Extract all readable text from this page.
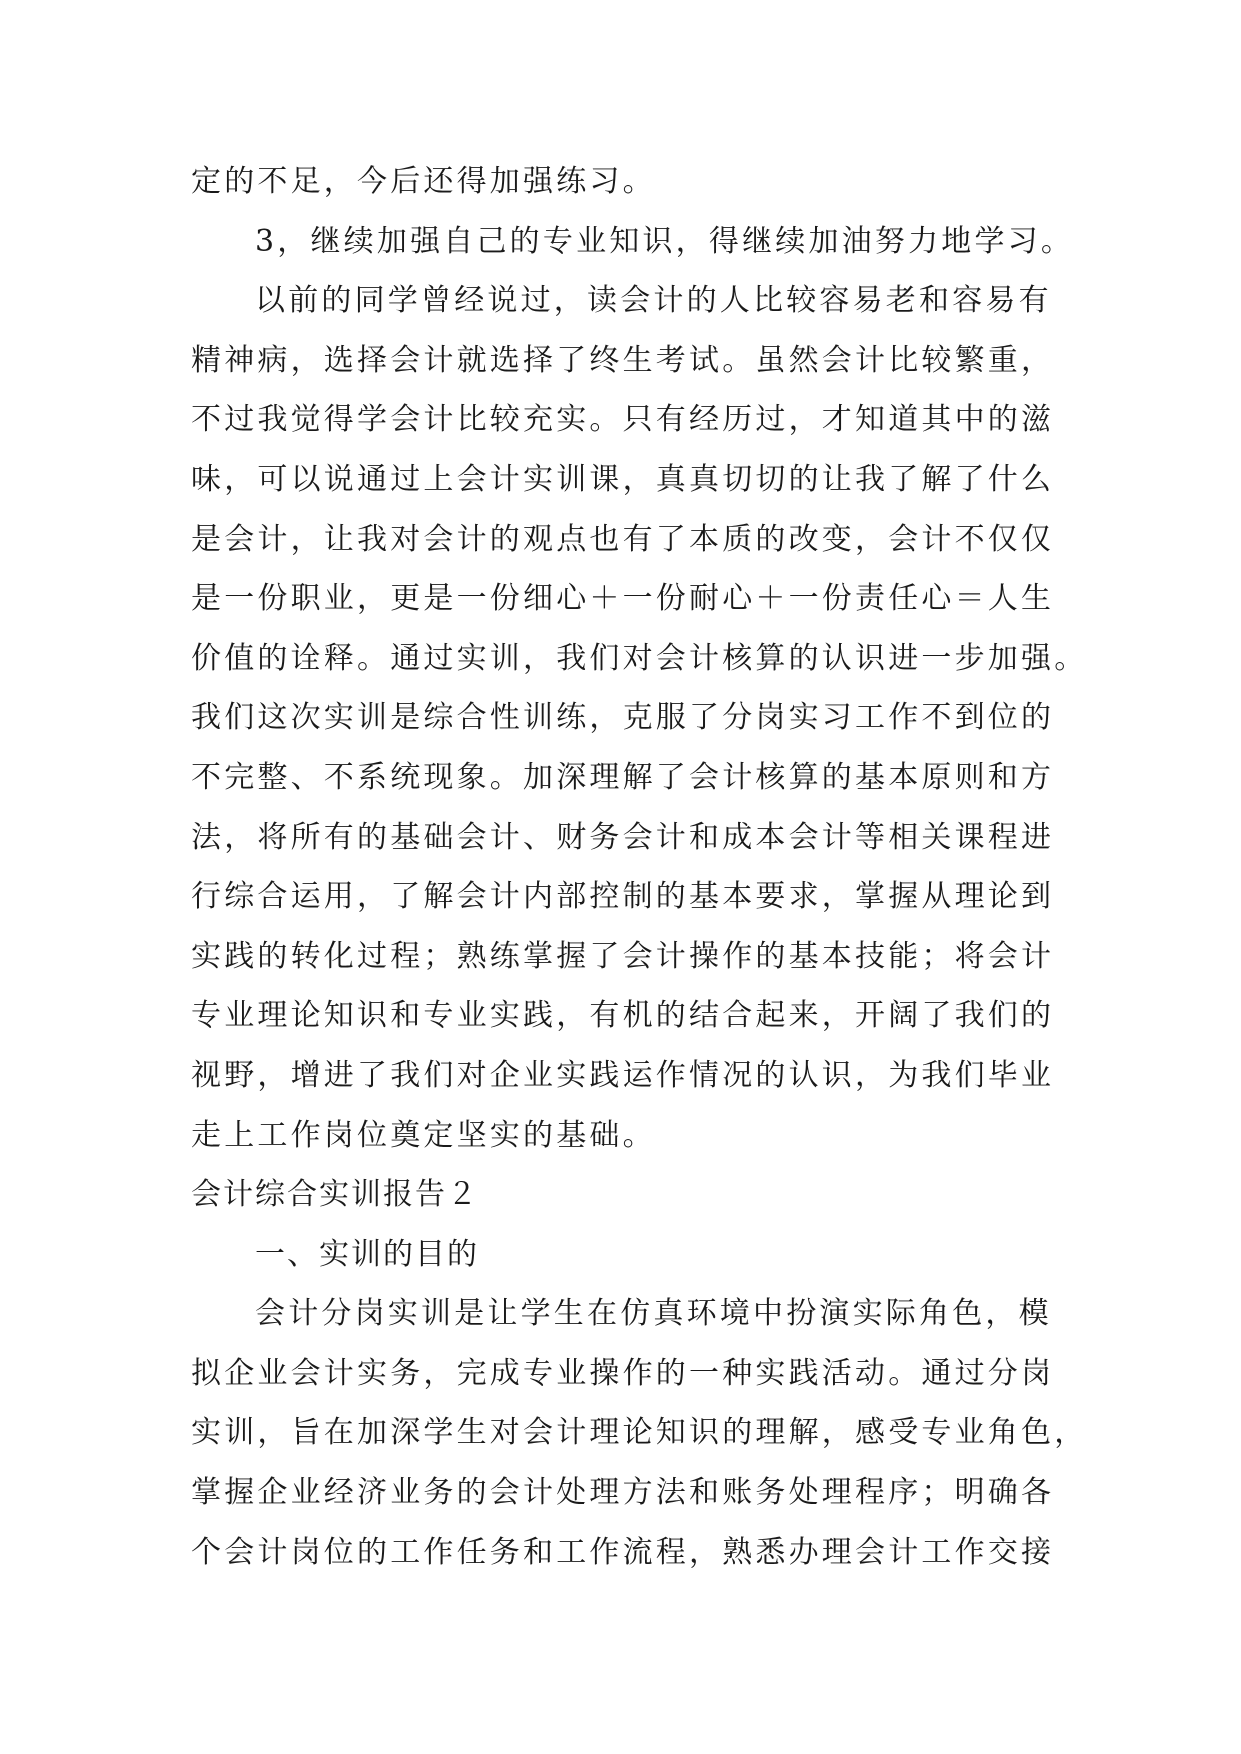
定的不足，今后还得加强练习。
3，继续加强自己的专业知识，得继续加油努力地学习。
以前的同学曾经说过，读会计的人比较容易老和容易有
精神病，选择会计就选择了终生考试。虽然会计比较繁重，
不过我觉得学会计比较充实。只有经历过，才知道其中的滋
味，可以说通过上会计实训课，真真切切的让我了解了什么
是会计，让我对会计的观点也有了本质的改变，会计不仅仅
是一份职业，更是一份细心＋一份耐心＋一份责任心＝人生
价值的诠释。通过实训，我们对会计核算的认识进一步加强。
我们这次实训是综合性训练，克服了分岗实习工作不到位的
不完整、不系统现象。加深理解了会计核算的基本原则和方
法，将所有的基础会计、财务会计和成本会计等相关课程进
行综合运用，了解会计内部控制的基本要求，掌握从理论到
实践的转化过程；熟练掌握了会计操作的基本技能；将会计
专业理论知识和专业实践，有机的结合起来，开阔了我们的
视野，增进了我们对企业实践运作情况的认识，为我们毕业
走上工作岗位奠定坚实的基础。
会计综合实训报告２
一、实训的目的
会计分岗实训是让学生在仿真环境中扮演实际角色，模
拟企业会计实务，完成专业操作的一种实践活动。通过分岗
实训，旨在加深学生对会计理论知识的理解，感受专业角色，
掌握企业经济业务的会计处理方法和账务处理程序；明确各
个会计岗位的工作任务和工作流程，熟悉办理会计工作交接
